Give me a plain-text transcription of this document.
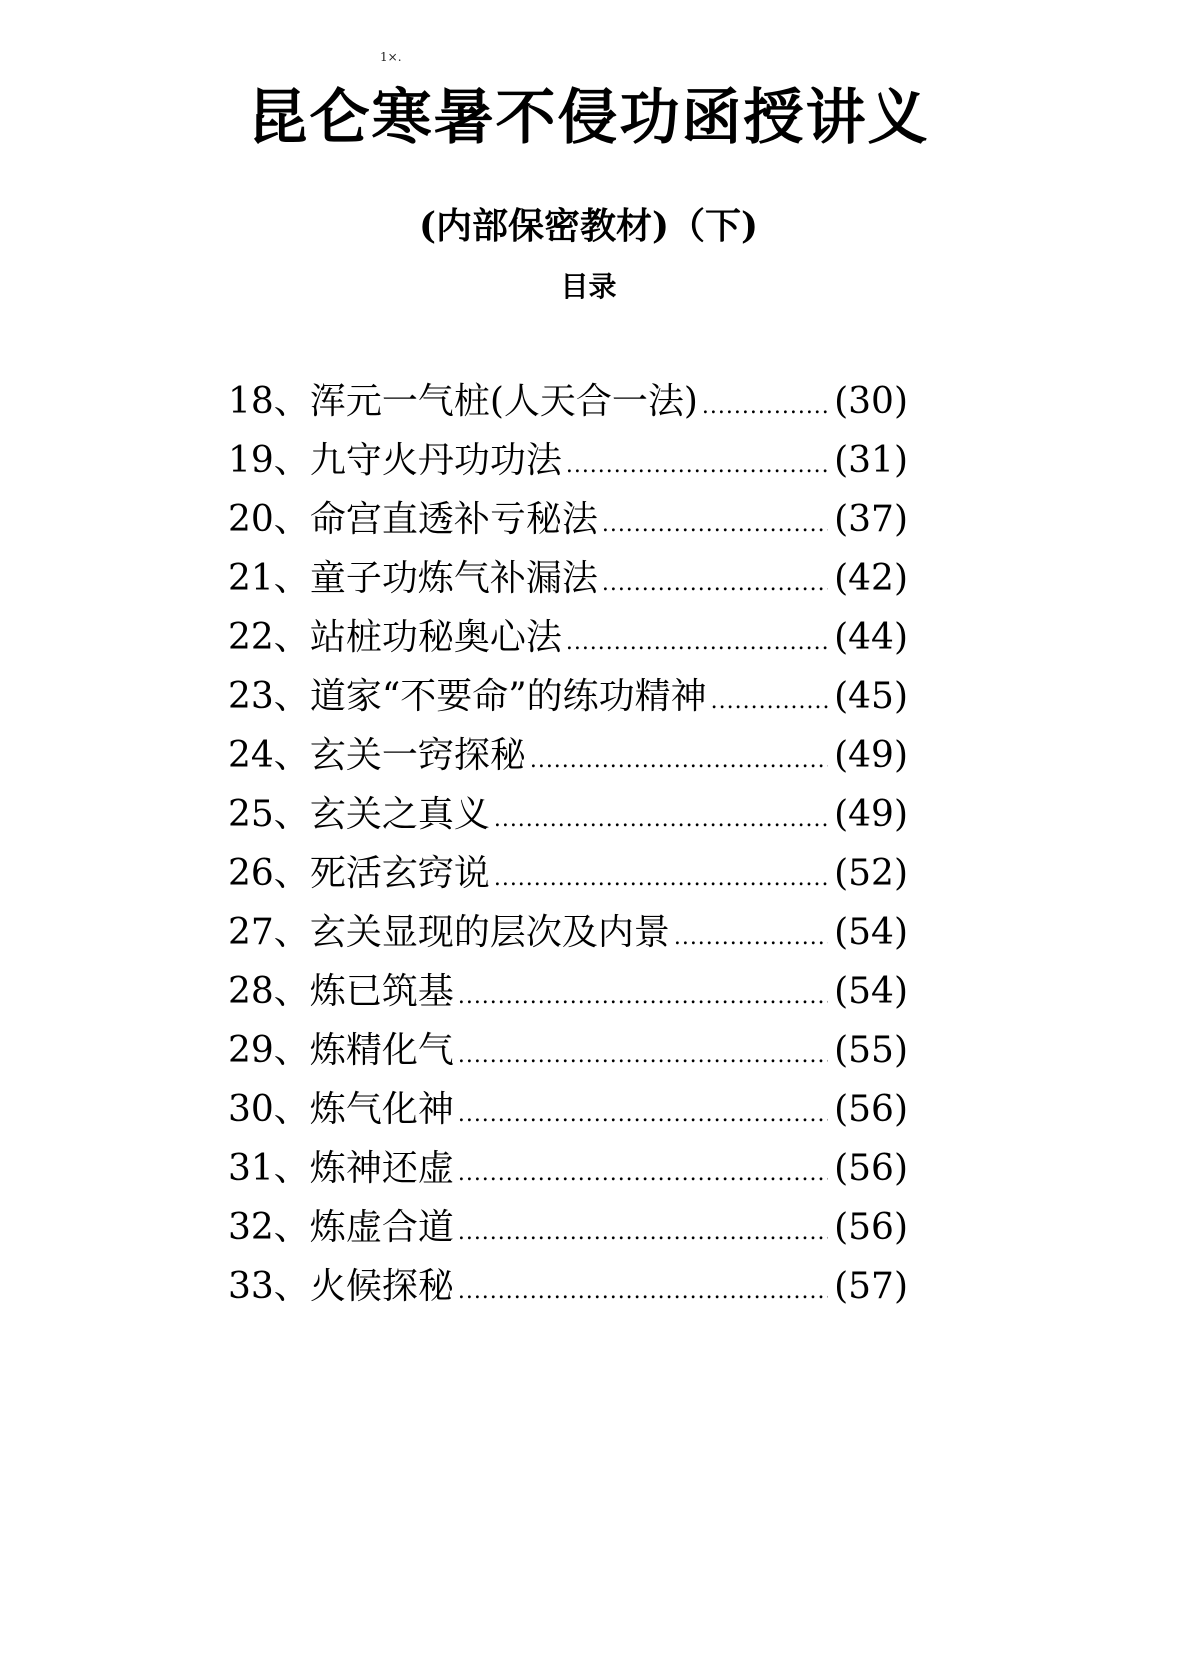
1×.
昆仑寒暑不侵功函授讲义
(内部保密教材)（下)
目录
18、 浑元一气桩(人天合一法) .....	(30)
19、 九守火丹功功法 .....	(31)
20、 命宫直透补亏秘法 .....	(37)
21、 童子功炼气补漏法 .....	(42)
22、 站桩功秘奥心法 .....	(44)
23、 道家“不要命”的练功精神 .....	(45)
24、 玄关一窍探秘 .....	(49)
25、 玄关之真义 .....	(49)
26、 死活玄窍说 .....	(52)
27、 玄关显现的层次及内景 .....	(54)
28、 炼已筑基 .....	(54)
29、 炼精化气 .....	(55)
30、 炼气化神 .....	(56)
31、 炼神还虚 .....	(56)
32、 炼虚合道 .....	(56)
33、 火候探秘 .....	(57)
